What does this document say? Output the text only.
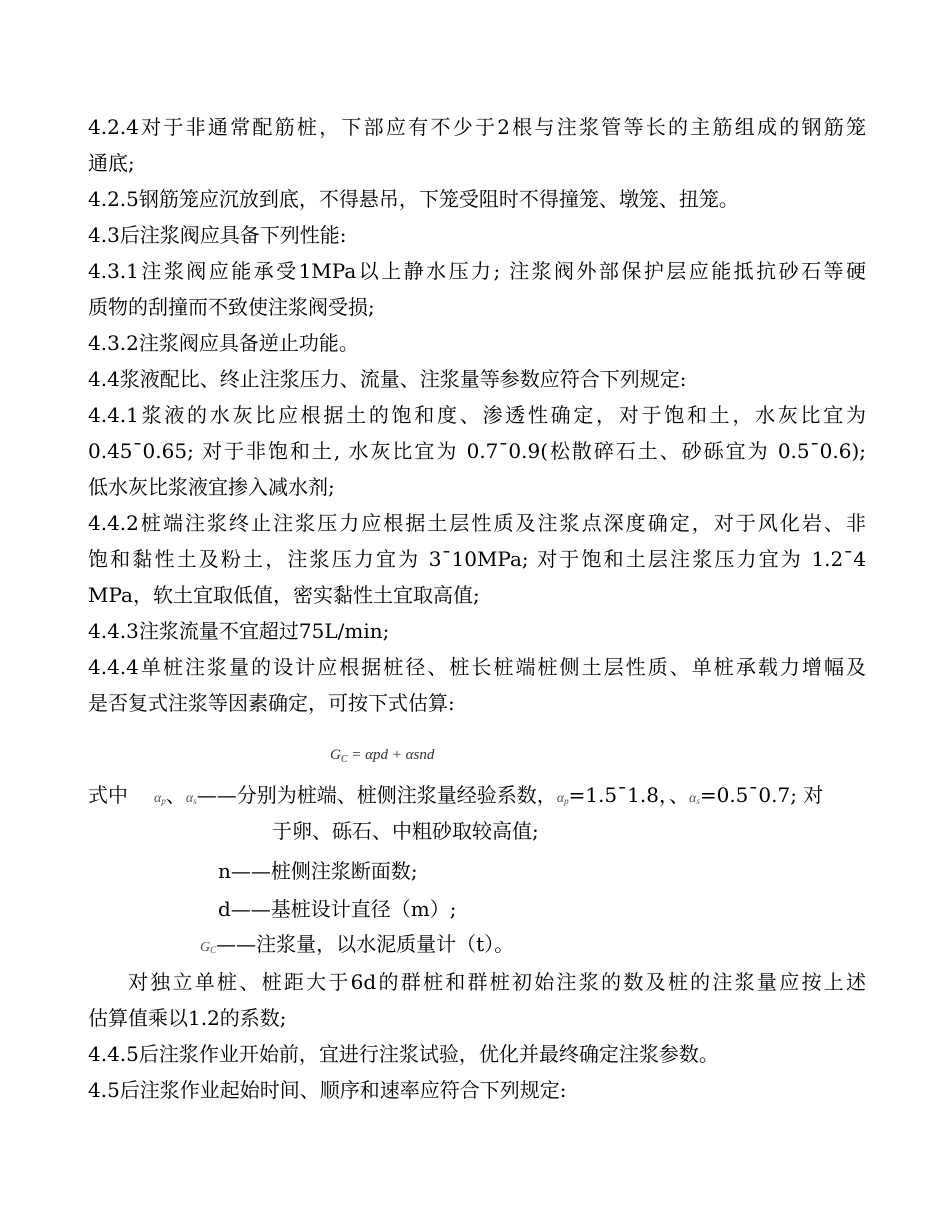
4.2.4对于非通常配筋桩，下部应有不少于2根与注浆管等长的主筋组成的钢筋笼
通底;
4.2.5钢筋笼应沉放到底，不得悬吊，下笼受阻时不得撞笼、墩笼、扭笼。
4.3后注浆阀应具备下列性能:
4.3.1注浆阀应能承受1MPa以上静水压力; 注浆阀外部保护层应能抵抗砂石等硬
质物的刮撞而不致使注浆阀受损;
4.3.2注浆阀应具备逆止功能。
4.4浆液配比、终止注浆压力、流量、注浆量等参数应符合下列规定:
4.4.1浆液的水灰比应根据土的饱和度、渗透性确定，对于饱和土，水灰比宜为
0.45¯0.65; 对于非饱和土, 水灰比宜为 0.7¯0.9(松散碎石土、砂砾宜为 0.5¯0.6);
低水灰比浆液宜掺入减水剂;
4.4.2桩端注浆终止注浆压力应根据土层性质及注浆点深度确定，对于风化岩、非
饱和黏性土及粉土，注浆压力宜为 3¯10MPa; 对于饱和土层注浆压力宜为 1.2¯4
MPa，软土宜取低值，密实黏性土宜取高值;
4.4.3注浆流量不宜超过75L/min;
4.4.4单桩注浆量的设计应根据桩径、桩长桩端桩侧土层性质、单桩承载力增幅及
是否复式注浆等因素确定，可按下式估算:
$G_C = \alpha pd + \alpha snd$
式中 $\alpha_p$、$\alpha_s——$分别为桩端、桩侧注浆量经验系数，$\alpha_p=1.5¯1.8$，、$\alpha_s=0.5¯0.7$; 对
于卵、砾石、中粗砂取较高值;
n——桩侧注浆断面数;
d——基桩设计直径（m）;
$G_C——$注浆量，以水泥质量计（t）。
对独立单桩、桩距大于6d的群桩和群桩初始注浆的数及桩的注浆量应按上述
估算值乘以1.2的系数;
4.4.5后注浆作业开始前，宜进行注浆试验，优化并最终确定注浆参数。
4.5后注浆作业起始时间、顺序和速率应符合下列规定:
